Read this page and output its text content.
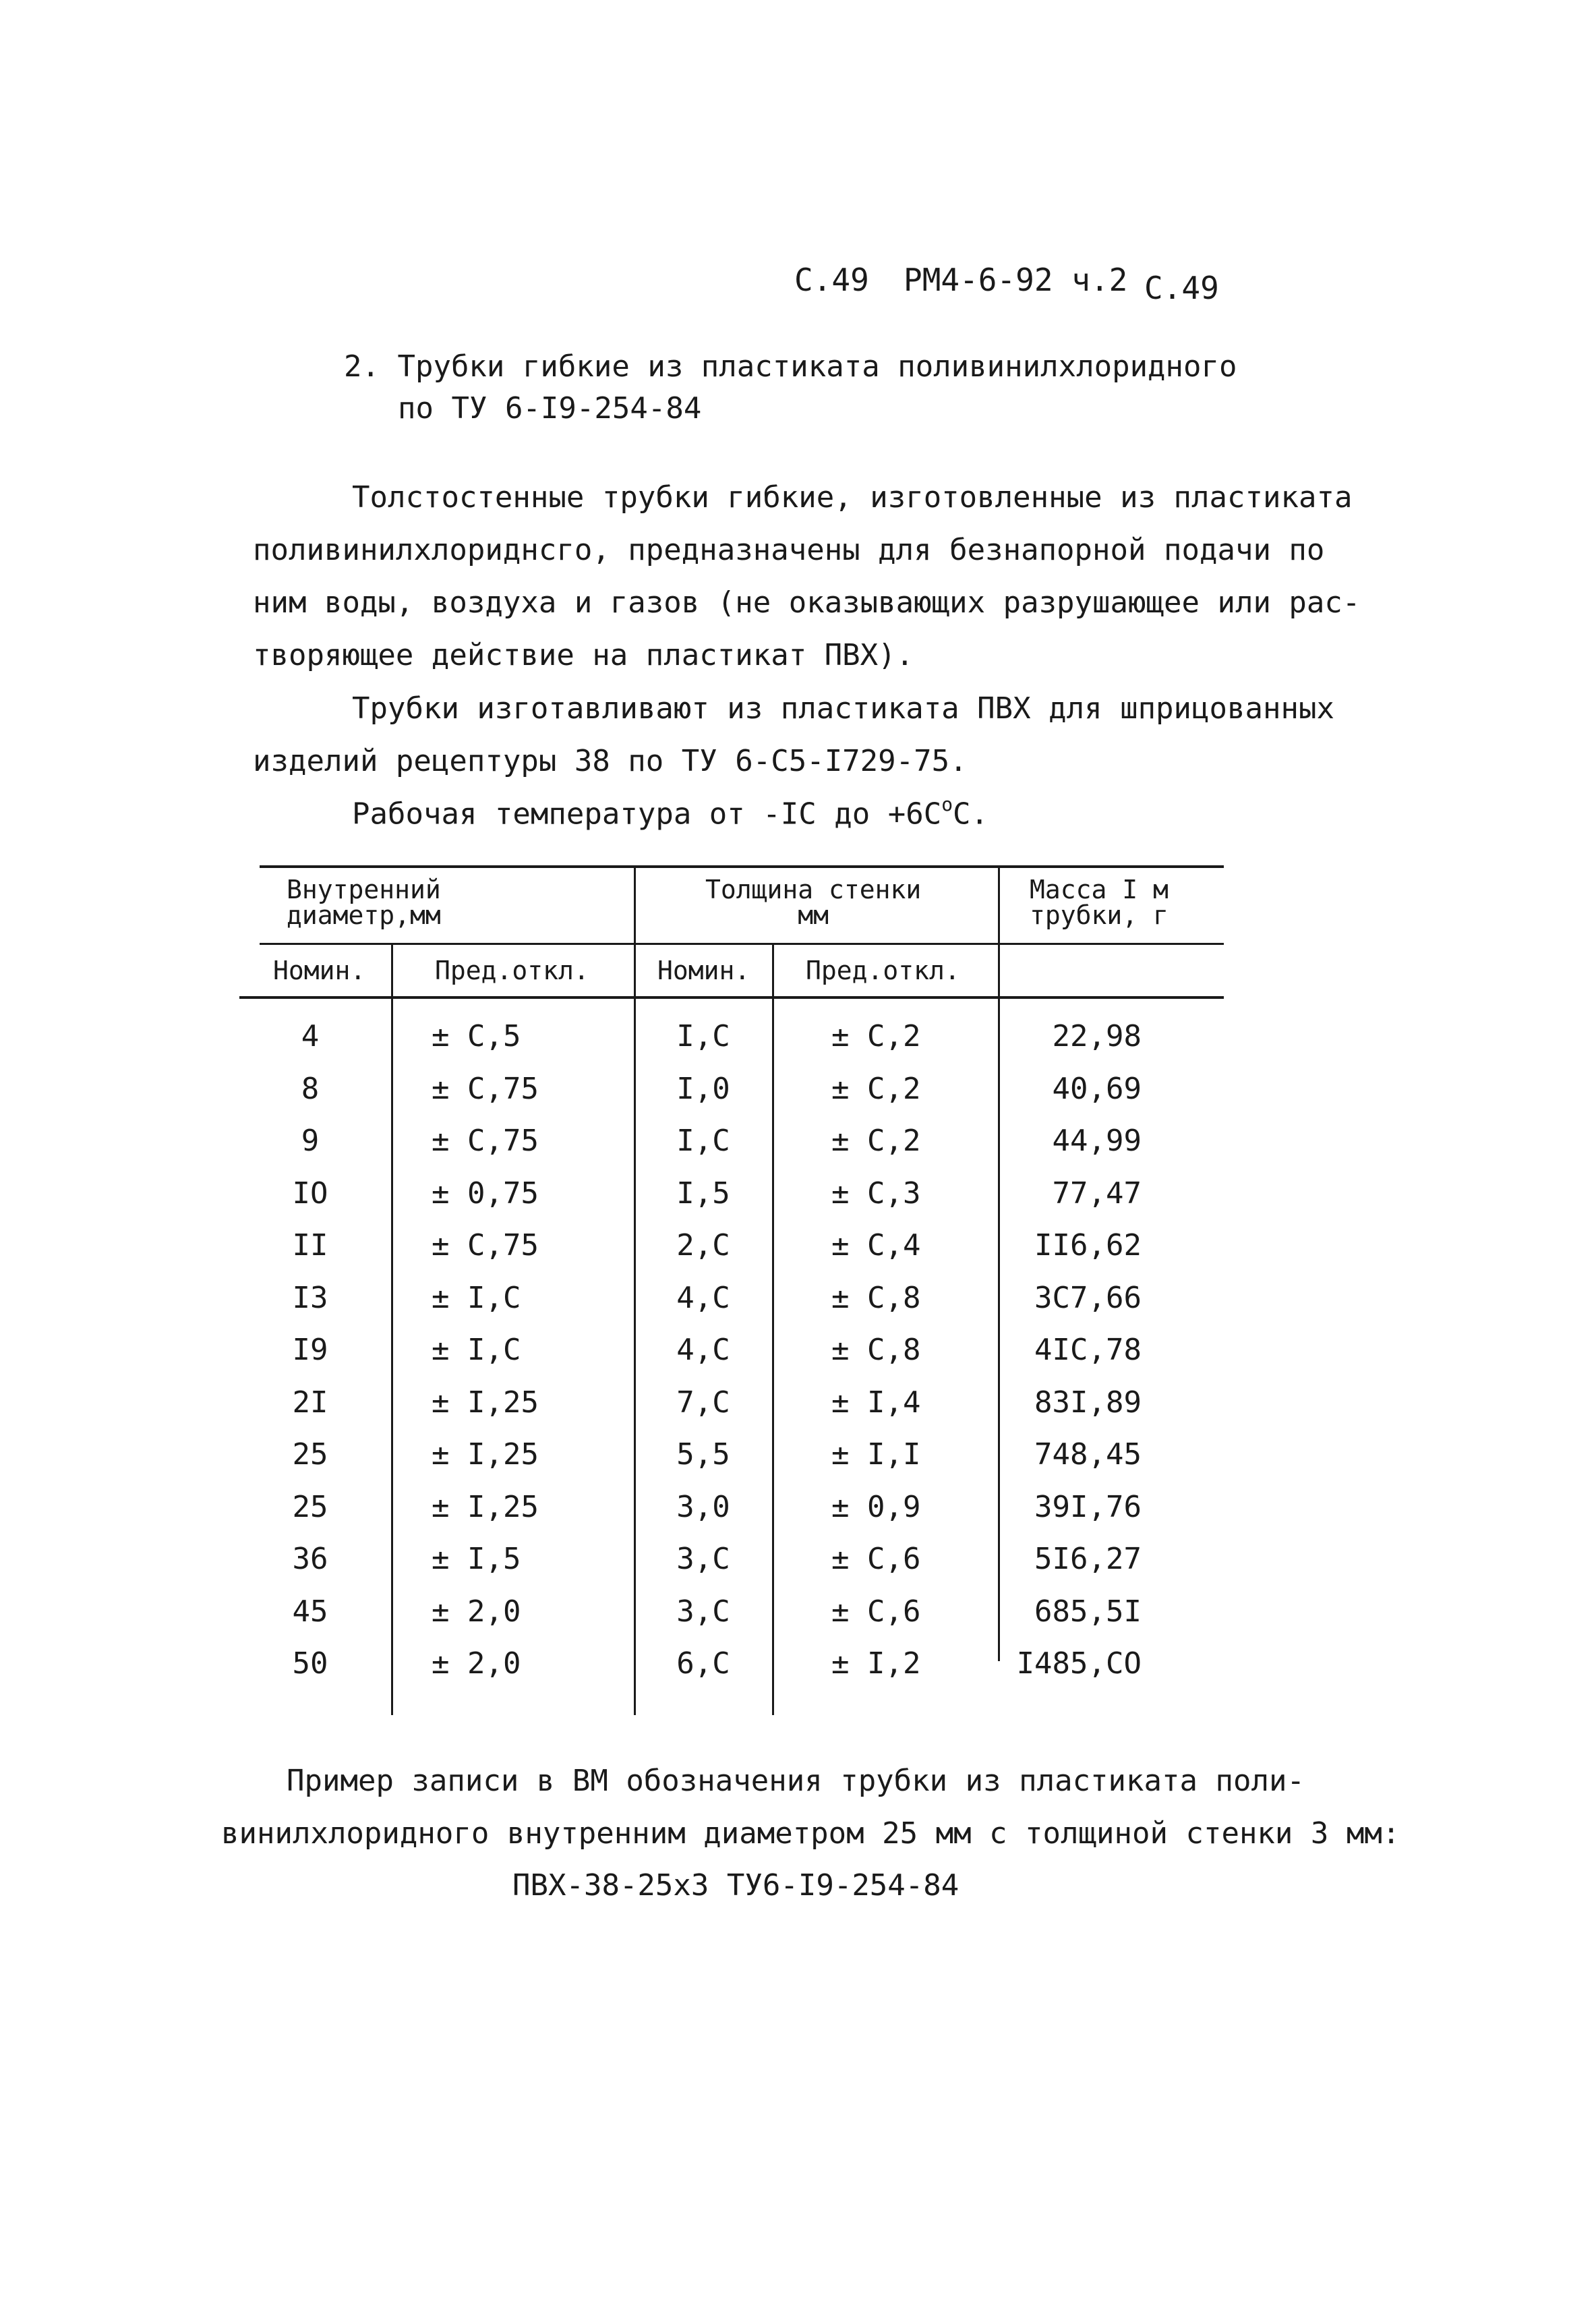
С.49 РМ4-6-92 ч.2 С.49
2. Трубки гибкие из пластиката поливинилхлоридного
по ТУ 6-I9-254-84
Толстостенные трубки гибкие, изготовленные из пластиката
поливинилхлориднсго, предназначены для безнапорной подачи по
ним воды, воздуха и газов (не оказывающих разрушающее или рас-
творяющее действие на пластикат ПВХ).
Трубки изготавливают из пластиката ПВХ для шприцованных
изделий рецептуры 38 по ТУ 6-С5-I729-75.
Рабочая температура от -IC до $+6C^оС$.
Внутренний
диаметр,мм
Толщина стенки
мм
Масса I м
трубки, г
Номин.	Пред.откл.	Номин. Пред.откл.
4	± С,5	I,С	± С,2	22,98
8	± С,75	I,0	± С,2	40,69
9	± С,75	I,С	± С,2	44,99
IO	± 0,75	I,5	± С,3	77,47
II	± С,75	2,С	± С,4	II6,62
I3	± I,С	4,С	± С,8	3С7,66
I9	± I,С	4,С	± С,8	4IС,78
2I	± I,25	7,С	± I,4	83I,89
25	± I,25	5,5	± I,I	748,45
25	± I,25	3,0	± 0,9	39I,76
36	± I,5	3,С	± С,6	5I6,27
45	± 2,0	3,С	± С,6	685,5I
50	± 2,0	6,С	± I,2	I485,СО
Пример записи в ВМ обозначения трубки из пластиката поли-
винилхлоридного внутренним диаметром 25 мм с толщиной стенки 3 мм:
ПВХ-38-25х3 ТУ6-I9-254-84
